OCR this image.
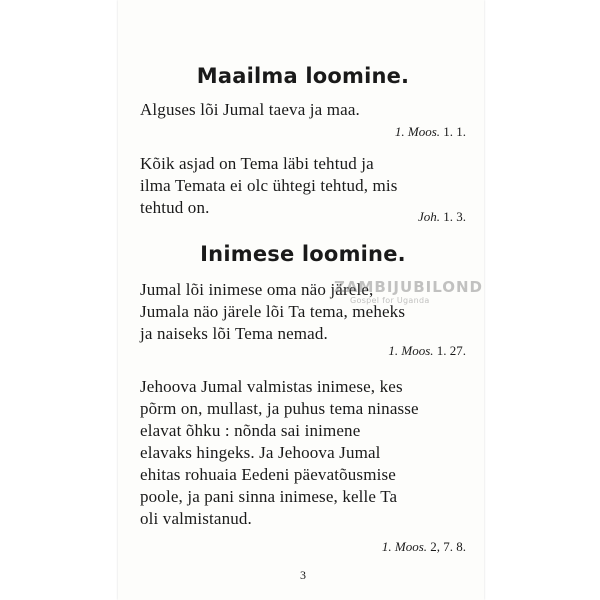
Maailma loomine.

Alguses lõi Jumal taeva ja maa.

1. Moos. 1. 1.

Kõik asjad on Tema läbi tehtud ja
ilma Temata ei olc ühtegi tehtud, mis
tehtud on.	Joh. 1. 3.

Inimese loomine.

Jumal lõi inimese oma näo järele,
Jumala näo järele lõi Ta tema, meheks
ja naiseks lõi Tema nemad.

1. Moos. 1. 27.

Jehoova Jumal valmistas inimese, kes
põrm on, mullast, ja puhus tema ninasse
elavat õhku : nõnda sai inimene
elavaks hingeks. Ja Jehoova Jumal
ehitas rohuaia Eedeni päevatõusmise
poole, ja pani sinna inimese, kelle Ta
oli valmistanud.

1. Moos. 2, 7. 8.

3

ZAMBIJUBILOND
Gospel for Uganda
